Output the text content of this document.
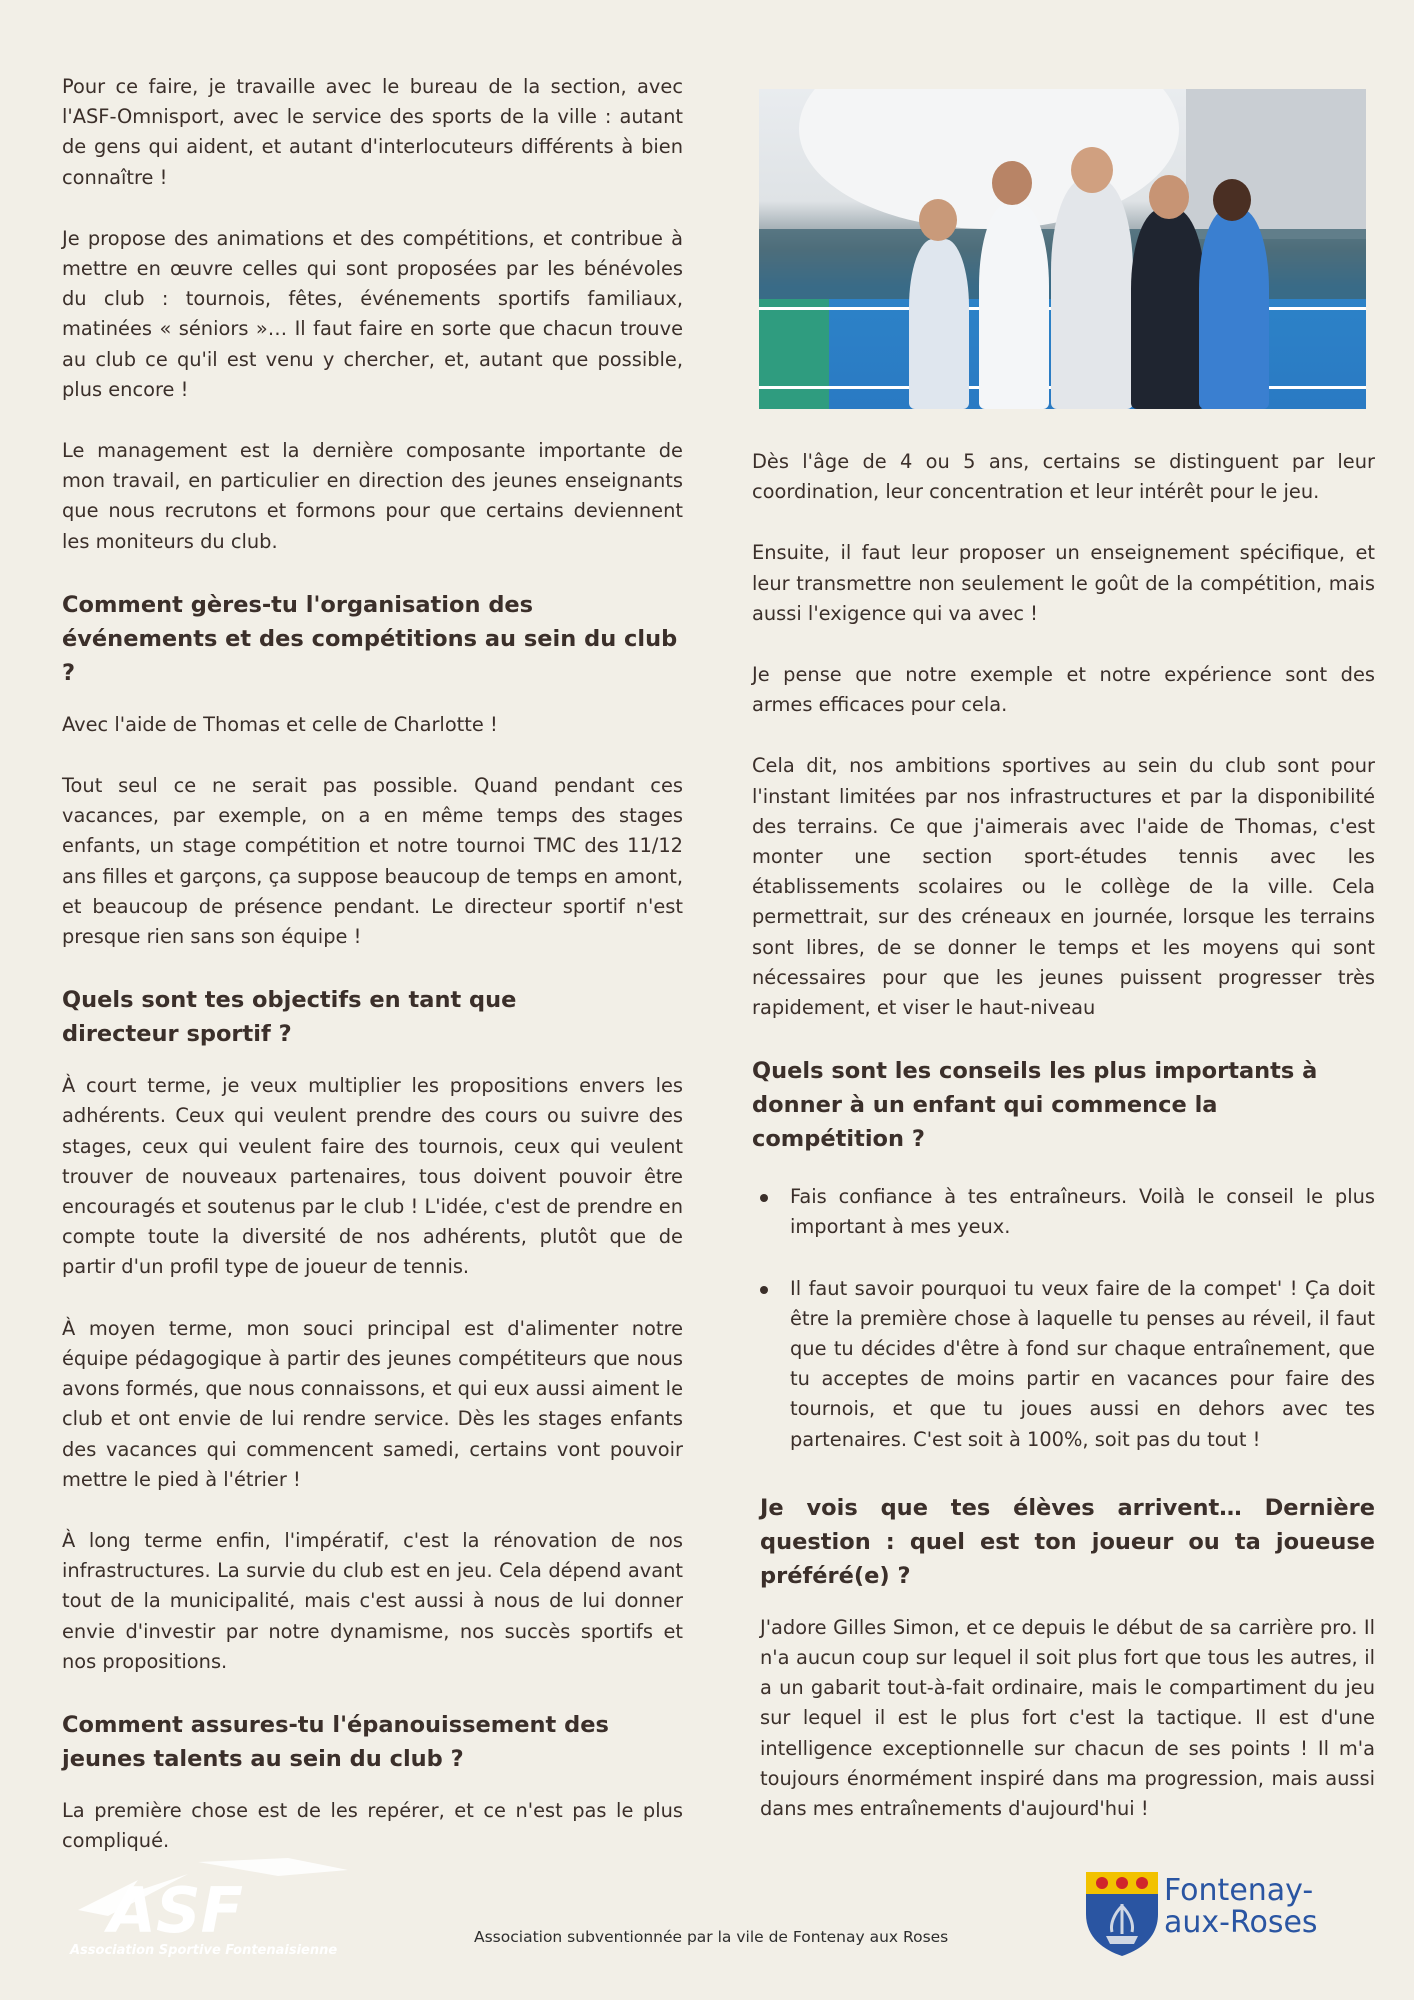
Pour ce faire, je travaille avec le bureau de la section, avec l'ASF-Omnisport, avec le service des sports de la ville : autant de gens qui aident, et autant d'interlocuteurs différents à bien connaître !

Je propose des animations et des compétitions, et contribue à mettre en œuvre celles qui sont proposées par les bénévoles du club : tournois, fêtes, événements sportifs familiaux, matinées « séniors »… Il faut faire en sorte que chacun trouve au club ce qu'il est venu y chercher, et, autant que possible, plus encore !

Le management est la dernière composante importante de mon travail, en particulier en direction des jeunes enseignants que nous recrutons et formons pour que certains deviennent les moniteurs du club.

Comment gères-tu l'organisation des événements et des compétitions au sein du club ?

Avec l'aide de Thomas et celle de Charlotte !

Tout seul ce ne serait pas possible. Quand pendant ces vacances, par exemple, on a en même temps des stages enfants, un stage compétition et notre tournoi TMC des 11/12 ans filles et garçons, ça suppose beaucoup de temps en amont, et beaucoup de présence pendant. Le directeur sportif n'est presque rien sans son équipe !

Quels sont tes objectifs en tant que directeur sportif ?

À court terme, je veux multiplier les propositions envers les adhérents. Ceux qui veulent prendre des cours ou suivre des stages, ceux qui veulent faire des tournois, ceux qui veulent trouver de nouveaux partenaires, tous doivent pouvoir être encouragés et soutenus par le club ! L'idée, c'est de prendre en compte toute la diversité de nos adhérents, plutôt que de partir d'un profil type de joueur de tennis.

À moyen terme, mon souci principal est d'alimenter notre équipe pédagogique à partir des jeunes compétiteurs que nous avons formés, que nous connaissons, et qui eux aussi aiment le club et ont envie de lui rendre service. Dès les stages enfants des vacances qui commencent samedi, certains vont pouvoir mettre le pied à l'étrier !

À long terme enfin, l'impératif, c'est la rénovation de nos infrastructures. La survie du club est en jeu. Cela dépend avant tout de la municipalité, mais c'est aussi à nous de lui donner envie d'investir par notre dynamisme, nos succès sportifs et nos propositions.

Comment assures-tu l'épanouissement des jeunes talents au sein du club ?

La première chose est de les repérer, et ce n'est pas le plus compliqué.

Dès l'âge de 4 ou 5 ans, certains se distinguent par leur coordination, leur concentration et leur intérêt pour le jeu.

Ensuite, il faut leur proposer un enseignement spécifique, et leur transmettre non seulement le goût de la compétition, mais aussi l'exigence qui va avec !

Je pense que notre exemple et notre expérience sont des armes efficaces pour cela.

Cela dit, nos ambitions sportives au sein du club sont pour l'instant limitées par nos infrastructures et par la disponibilité des terrains. Ce que j'aimerais avec l'aide de Thomas, c'est monter une section sport-études tennis avec les établissements scolaires ou le collège de la ville. Cela permettrait, sur des créneaux en journée, lorsque les terrains sont libres, de se donner le temps et les moyens qui sont nécessaires pour que les jeunes puissent progresser très rapidement, et viser le haut-niveau

Quels sont les conseils les plus importants à donner à un enfant qui commence la compétition ?
Fais confiance à tes entraîneurs. Voilà le conseil le plus important à mes yeux.
Il faut savoir pourquoi tu veux faire de la compet' ! Ça doit être la première chose à laquelle tu penses au réveil, il faut que tu décides d'être à fond sur chaque entraînement, que tu acceptes de moins partir en vacances pour faire des tournois, et que tu joues aussi en dehors avec tes partenaires. C'est soit à 100%, soit pas du tout !
Je vois que tes élèves arrivent… Dernière question : quel est ton joueur ou ta joueuse préféré(e) ?

J'adore Gilles Simon, et ce depuis le début de sa carrière pro. Il n'a aucun coup sur lequel il soit plus fort que tous les autres, il a un gabarit tout-à-fait ordinaire, mais le compartiment du jeu sur lequel il est le plus fort c'est la tactique. Il est d'une intelligence exceptionnelle sur chacun de ses points ! Il m'a toujours énormément inspiré dans ma progression, mais aussi dans mes entraînements d'aujourd'hui !

ASF
Association Sportive Fontenaisienne
Association subventionnée par la vile de Fontenay aux Roses
Fontenay-
aux-Roses
